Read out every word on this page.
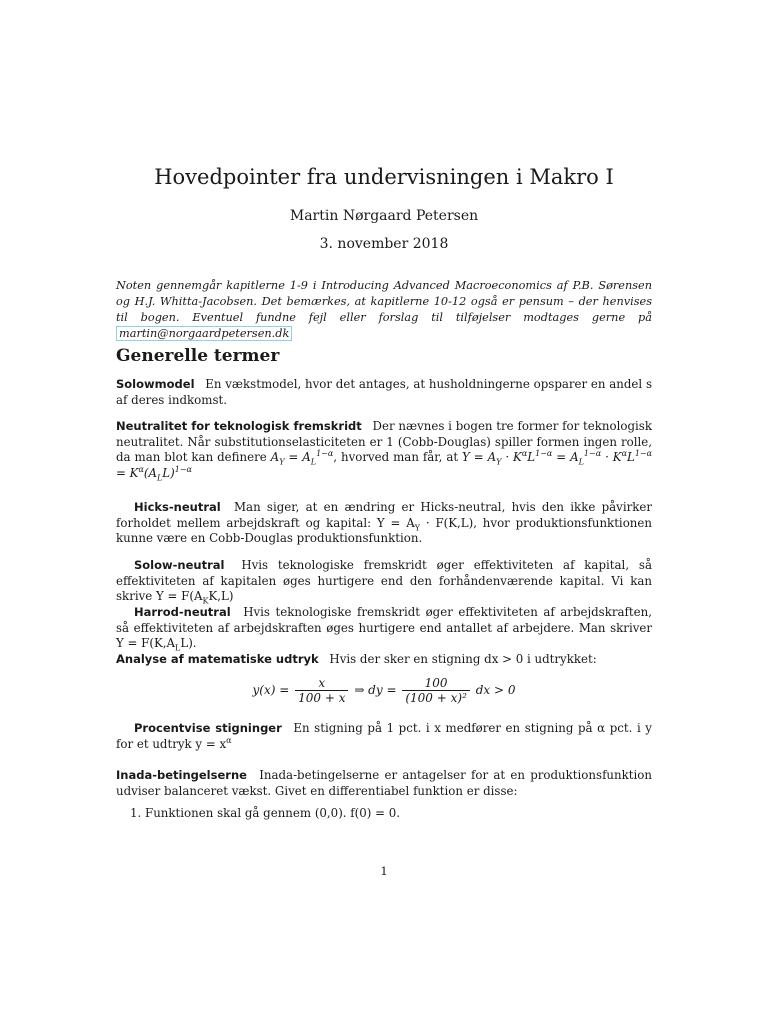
Hovedpointer fra undervisningen i Makro I
Martin Nørgaard Petersen
3. november 2018
Noten gennemgår kapitlerne 1-9 i Introducing Advanced Macroeconomics af P.B. Sørensen og H.J. Whitta-Jacobsen. Det bemærkes, at kapitlerne 10-12 også er pensum – der henvises til bogen. Eventuel fundne fejl eller forslag til tilføjelser modtages gerne på martin@norgaardpetersen.dk
Generelle termer
Solowmodel En vækstmodel, hvor det antages, at husholdningerne opsparer en andel s af deres indkomst.
Neutralitet for teknologisk fremskridt Der nævnes i bogen tre former for teknologisk neutralitet. Når substitutionselasticiteten er 1 (Cobb-Douglas) spiller formen ingen rolle, da man blot kan definere $A_Y = A_L^{1-\alpha}$, hvorved man får, at $Y = A_Y \cdot K^\alpha L^{1-\alpha} = A_L^{1-\alpha} \cdot K^\alpha L^{1-\alpha} = K^\alpha(A_LL)^{1-\alpha}$
Hicks-neutral Man siger, at en ændring er Hicks-neutral, hvis den ikke påvirker forholdet mellem arbejdskraft og kapital: $Y = A_Y \cdot F(K,L)$, hvor produktionsfunktionen kunne være en Cobb-Douglas produktionsfunktion.
Solow-neutral Hvis teknologiske fremskridt øger effektiviteten af kapital, så effektiviteten af kapitalen øges hurtigere end den forhåndenværende kapital. Vi kan skrive $Y = F(A_KK,L)$
Harrod-neutral Hvis teknologiske fremskridt øger effektiviteten af arbejdskraften, så effektiviteten af arbejdskraften øges hurtigere end antallet af arbejdere. Man skriver $Y = F(K,A_LL)$.
Analyse af matematiske udtryk Hvis der sker en stigning dx > 0 i udtrykket:
$y(x) = \frac{x}{100 + x}$ ⇒ dy = $\frac{100}{\text{(100 + x)²}}$ dx > 0
Procentvise stigninger En stigning på 1 pct. i x medfører en stigning på α pct. i y for et udtryk $y = x^\alpha$
Inada-betingelserne Inada-betingelserne er antagelser for at en produktionsfunktion udviser balanceret vækst. Givet en differentiabel funktion er disse:
1. Funktionen skal gå gennem (0,0). f(0) = 0.
1
